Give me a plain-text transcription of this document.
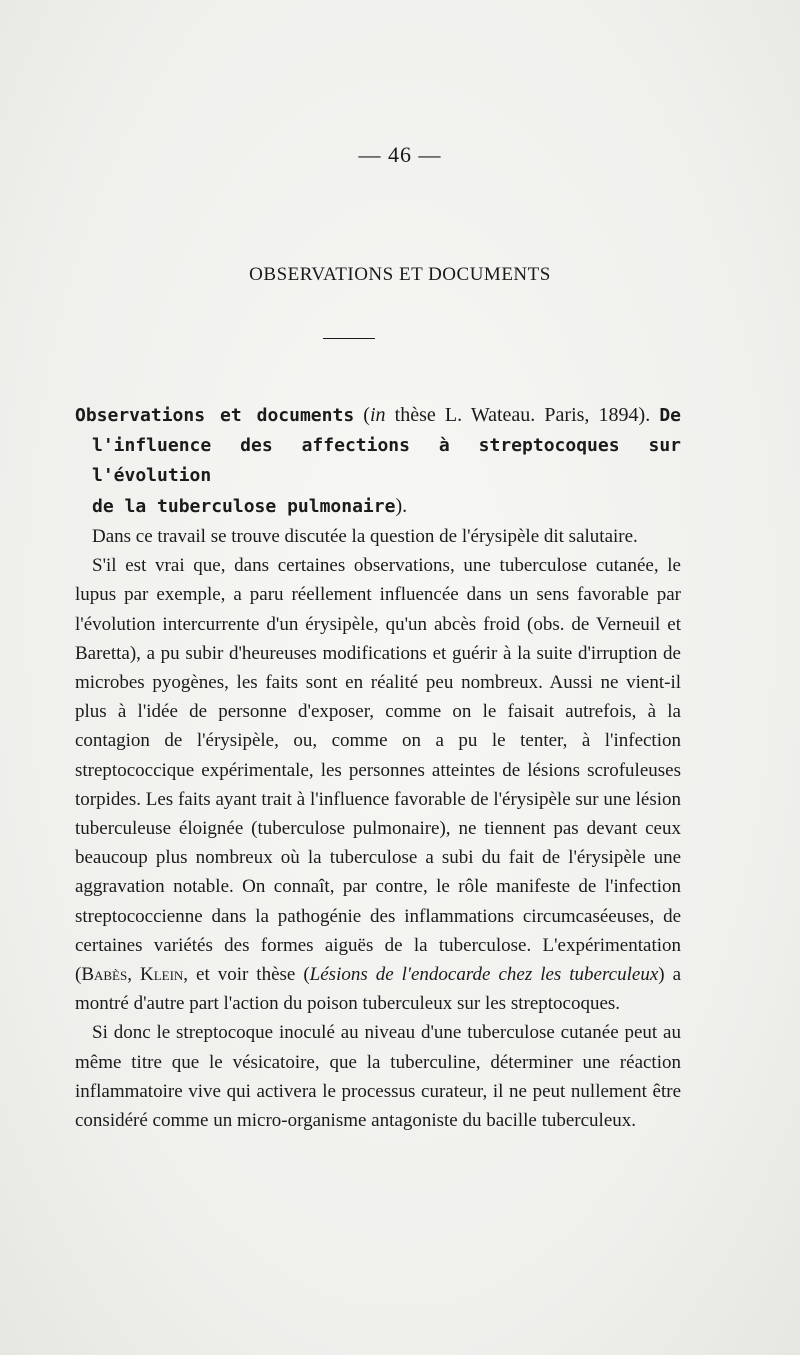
— 46 —
OBSERVATIONS ET DOCUMENTS
Observations et documents (in thèse L. Wateau. Paris, 1894). De
l'influence des affections à streptocoques sur l'évolution
de la tuberculose pulmonaire).

Dans ce travail se trouve discutée la question de l'érysipèle dit salutaire.

S'il est vrai que, dans certaines observations, une tuberculose cutanée, le lupus par exemple, a paru réellement influencée dans un sens favorable par l'évolution intercurrente d'un érysipèle, qu'un abcès froid (obs. de Verneuil et Baretta), a pu subir d'heureuses modifications et guérir à la suite d'irruption de microbes pyogènes, les faits sont en réalité peu nombreux. Aussi ne vient-il plus à l'idée de personne d'exposer, comme on le faisait autrefois, à la contagion de l'érysipèle, ou, comme on a pu le tenter, à l'infection streptococcique expérimentale, les personnes atteintes de lésions scrofuleuses torpides. Les faits ayant trait à l'influence favorable de l'érysipèle sur une lésion tuberculeuse éloignée (tuberculose pulmonaire), ne tiennent pas devant ceux beaucoup plus nombreux où la tuberculose a subi du fait de l'érysipèle une aggravation notable. On connaît, par contre, le rôle manifeste de l'infection streptococcienne dans la pathogénie des inflammations circumcaséeuses, de certaines variétés des formes aiguës de la tuberculose. L'expérimentation (Babès, Klein, et voir thèse (Lésions de l'endocarde chez les tuberculeux) a montré d'autre part l'action du poison tuberculeux sur les streptocoques.

Si donc le streptocoque inoculé au niveau d'une tuberculose cutanée peut au même titre que le vésicatoire, que la tuberculine, déterminer une réaction inflammatoire vive qui activera le processus curateur, il ne peut nullement être considéré comme un micro-organisme antagoniste du bacille tuberculeux.
